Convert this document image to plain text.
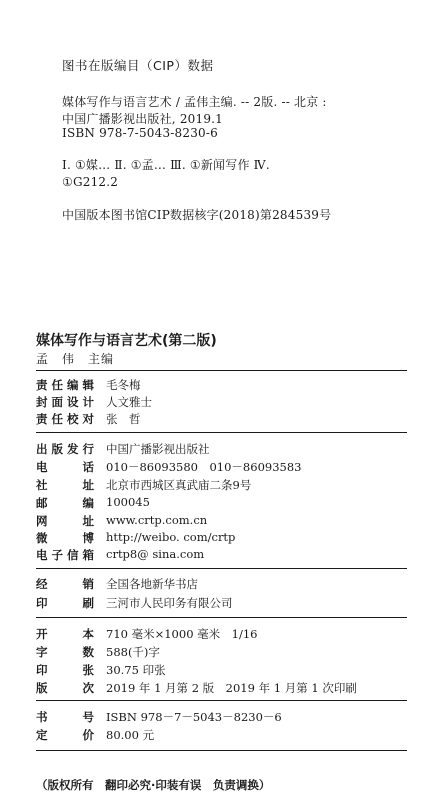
图书在版编目（CIP）数据
媒体写作与语言艺术 / 孟伟主编. -- 2版. -- 北京 :
中国广播影视出版社, 2019.1
ISBN 978-7-5043-8230-6
Ⅰ. ①媒… Ⅱ. ①孟… Ⅲ. ①新闻写作 Ⅳ.
①G212.2
中国版本图书馆CIP数据核字(2018)第284539号
媒体写作与语言艺术(第二版)
孟　伟　主编
责任编辑 毛冬梅
封面设计 人文雅士
责任校对 张　哲
出版发行 中国广播影视出版社
电　话 010－86093580　010－86093583
社　址 北京市西城区真武庙二条9号
邮　编 100045
网　址 www.crtp.com.cn
微　博 http://weibo. com/crtp
电子信箱 crtp8@ sina.com
经　销 全国各地新华书店
印　刷 三河市人民印务有限公司
开　本 710 毫米×1000 毫米　1/16
字　数 588(千)字
印　张 30.75 印张
版　次 2019 年 1 月第 2 版　2019 年 1 月第 1 次印刷
书　号 ISBN 978－7－5043－8230－6
定　价 80.00 元
（版权所有　翻印必究·印装有误　负责调换）
